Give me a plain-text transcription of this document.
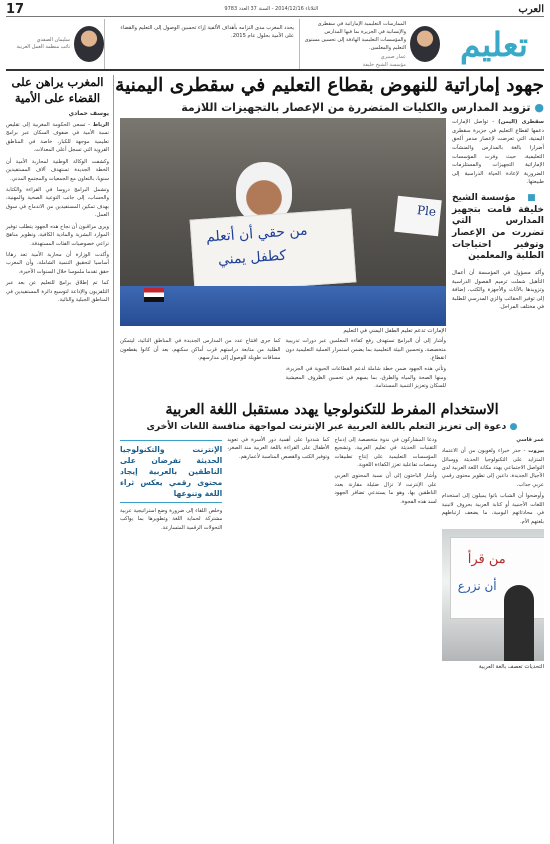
العرب
الثلاثاء 2014/12/16 - السنة 37 العدد 9783
17
تعليم
الممارسات التعليمية الإماراتية في سقطرى والإنسانية في الجزيرة بما فيها المدارس والمؤسسات التعليمية الهادفة إلى تحسين مستوى التعليم والمعلمين.
عمار صيبري
مؤسسة الشيخ خليفة
يحدد المغرب مدى التزامه بأهداف الألفية إزاء تحسين الوصول إلى التعليم والقضاء على الأمية بحلول عام 2015.
سليمان الصفدي
نائب منظمة العمل العربية
جهود إماراتية للنهوض بقطاع التعليم في سقطرى اليمنية
● تزويد المدارس والكليات المتضررة من الإعصار بالتجهيزات اللازمة

سقطرى (اليمن) - تواصل الإمارات دعمها لقطاع التعليم في جزيرة سقطرى اليمنية، التي تعرضت لإعصار مدمر ألحق أضرارا بالغة بالمدارس والمنشآت التعليمية، حيث وفرت المؤسسات الإماراتية التجهيزات والمستلزمات الضرورية لإعادة الحياة الدراسية إلى طبيعتها.

■ مؤسسة الشيخ خليفة قامت بتجهيز المدارس التي تضررت من الإعصار وتوفير احتياجات الطلبة والمعلمين

وأكد مسؤول في المؤسسة أن أعمال التأهيل شملت ترميم الفصول الدراسية وتزويدها بالأثاث والأجهزة والكتب، إضافة إلى توفير الحقائب والزي المدرسي للطلبة في مختلف المراحل.

من حقي أن أتعلم
كطفل يمني
Ple
الإمارات تدعم تعليم الطفل اليمني في التعليم

وأشار إلى أن البرامج تستهدف رفع كفاءة المعلمين عبر دورات تدريبية متخصصة، وتحسين البيئة التعليمية بما يضمن استمرار العملية التعليمية دون انقطاع.

وتأتي هذه الجهود ضمن خطة شاملة لدعم القطاعات الحيوية في الجزيرة، ومنها الصحة والمياه والطرق، بما يسهم في تحسين الظروف المعيشية للسكان وتعزيز التنمية المستدامة.

كما جرى افتتاح عدد من المدارس الجديدة في المناطق النائية، ليتمكن الطلبة من متابعة دراستهم قرب أماكن سكنهم، بعد أن كانوا يقطعون مسافات طويلة للوصول إلى مدارسهم.

الاستخدام المفرط للتكنولوجيا يهدد مستقبل اللغة العربية
● دعوة إلى تعزيز التعلم باللغة العربية عبر الإنترنت لمواجهة منافسة اللغات الأخرى

عمر قاسي

بيروت - حذر خبراء ولغويون من أن الاعتماد المتزايد على التكنولوجيا الحديثة ووسائل التواصل الاجتماعي يهدد مكانة اللغة العربية لدى الأجيال الجديدة، داعين إلى تطوير محتوى رقمي عربي جذاب.

وأوضحوا أن الشباب باتوا يميلون إلى استخدام اللغات الأجنبية أو كتابة العربية بحروف لاتينية في محادثاتهم اليومية، ما يضعف ارتباطهم بلغتهم الأم.

من قرأ
أن نزرع
التحديات تعصف بالغة العربية

ودعا المشاركون في ندوة متخصصة إلى إدماج التقنيات الحديثة في تعليم العربية، وتشجيع المؤسسات التعليمية على إنتاج تطبيقات ومنصات تفاعلية تعزز الكفاءة اللغوية.

وأشار الباحثون إلى أن نسبة المحتوى العربي على الإنترنت لا تزال ضئيلة مقارنة بعدد الناطقين بها، وهو ما يستدعي تضافر الجهود لسد هذه الفجوة.

كما شددوا على أهمية دور الأسرة في تعويد الأطفال على القراءة باللغة العربية منذ الصغر، وتوفير الكتب والقصص المناسبة لأعمارهم.

الإنترنت والتكنولوجيا الحديثة تفرضان على الناطقين بالعربية إيجاد محتوى رقمي يعكس ثراء اللغة وتنوعها

وخلص اللقاء إلى ضرورة وضع استراتيجية عربية مشتركة لحماية اللغة وتطويرها بما يواكب التحولات الرقمية المتسارعة.

المغرب يراهن على القضاء على الأمية
يوسف حمادي

الرباط - تسعى الحكومة المغربية إلى تقليص نسبة الأمية في صفوف السكان عبر برامج تعليمية موجهة للكبار، خاصة في المناطق القروية التي تسجل أعلى المعدلات.

وكشفت الوكالة الوطنية لمحاربة الأمية أن الخطة الجديدة تستهدف آلاف المستفيدين سنويا، بالتعاون مع الجمعيات والمجتمع المدني.

وتشمل البرامج دروسا في القراءة والكتابة والحساب، إلى جانب التوعية الصحية والمهنية، بهدف تمكين المستفيدين من الاندماج في سوق العمل.

ويرى مراقبون أن نجاح هذه الجهود يتطلب توفير الموارد البشرية والمادية الكافية، وتطوير مناهج تراعي خصوصيات الفئات المستهدفة.

وأكدت الوزارة أن محاربة الأمية تعد رهانا أساسيا لتحقيق التنمية الشاملة، وأن المغرب حقق تقدما ملموسا خلال السنوات الأخيرة.

كما تم إطلاق برامج للتعليم عن بعد عبر التلفزيون والإذاعة لتوسيع دائرة المستفيدين في المناطق الجبلية والنائية.
